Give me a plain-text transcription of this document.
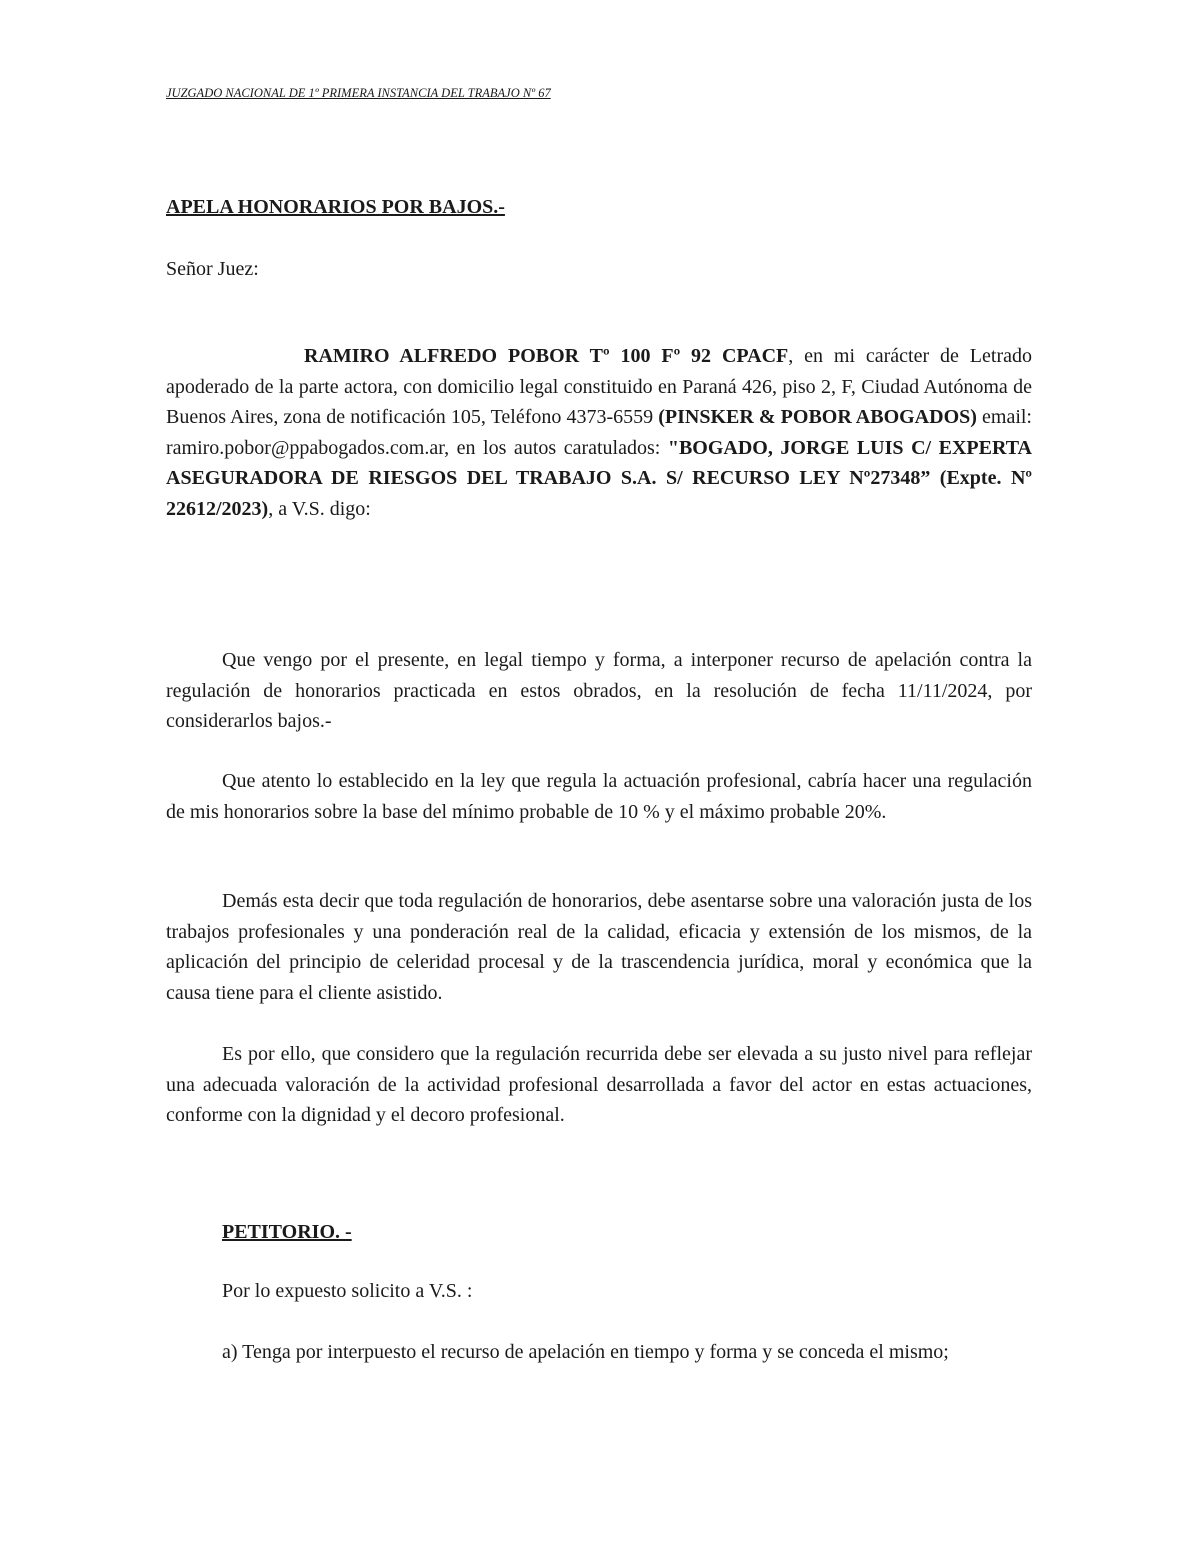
JUZGADO NACIONAL DE 1º PRIMERA INSTANCIA DEL TRABAJO Nº 67
APELA HONORARIOS POR BAJOS.-
Señor Juez:
RAMIRO ALFREDO POBOR Tº 100 Fº 92 CPACF, en mi carácter de Letrado apoderado de la parte actora, con domicilio legal constituido en Paraná 426, piso 2, F, Ciudad Autónoma de Buenos Aires, zona de notificación 105, Teléfono 4373-6559 (PINSKER & POBOR ABOGADOS) email: ramiro.pobor@ppabogados.com.ar, en los autos caratulados: "BOGADO, JORGE LUIS C/ EXPERTA ASEGURADORA DE RIESGOS DEL TRABAJO S.A. S/ RECURSO LEY Nº27348” (Expte. Nº 22612/2023), a V.S. digo:
Que vengo por el presente, en legal tiempo y forma, a interponer recurso de apelación contra la regulación de honorarios practicada en estos obrados, en la resolución de fecha 11/11/2024, por considerarlos bajos.-
Que atento lo establecido en la ley que regula la actuación profesional, cabría hacer una regulación de mis honorarios sobre la base del mínimo probable de 10 % y el máximo probable 20%.
Demás esta decir que toda regulación de honorarios, debe asentarse sobre una valoración justa de los trabajos profesionales y una ponderación real de la calidad, eficacia y extensión de los mismos, de la aplicación del principio de celeridad procesal y de la trascendencia jurídica, moral y económica que la causa tiene para el cliente asistido.
Es por ello, que considero que la regulación recurrida debe ser elevada a su justo nivel para reflejar una adecuada valoración de la actividad profesional desarrollada a favor del actor en estas actuaciones, conforme con la dignidad y el decoro profesional.
PETITORIO. -
Por lo expuesto solicito a V.S. :
a) Tenga por interpuesto el recurso de apelación en tiempo y forma y se conceda el mismo;
